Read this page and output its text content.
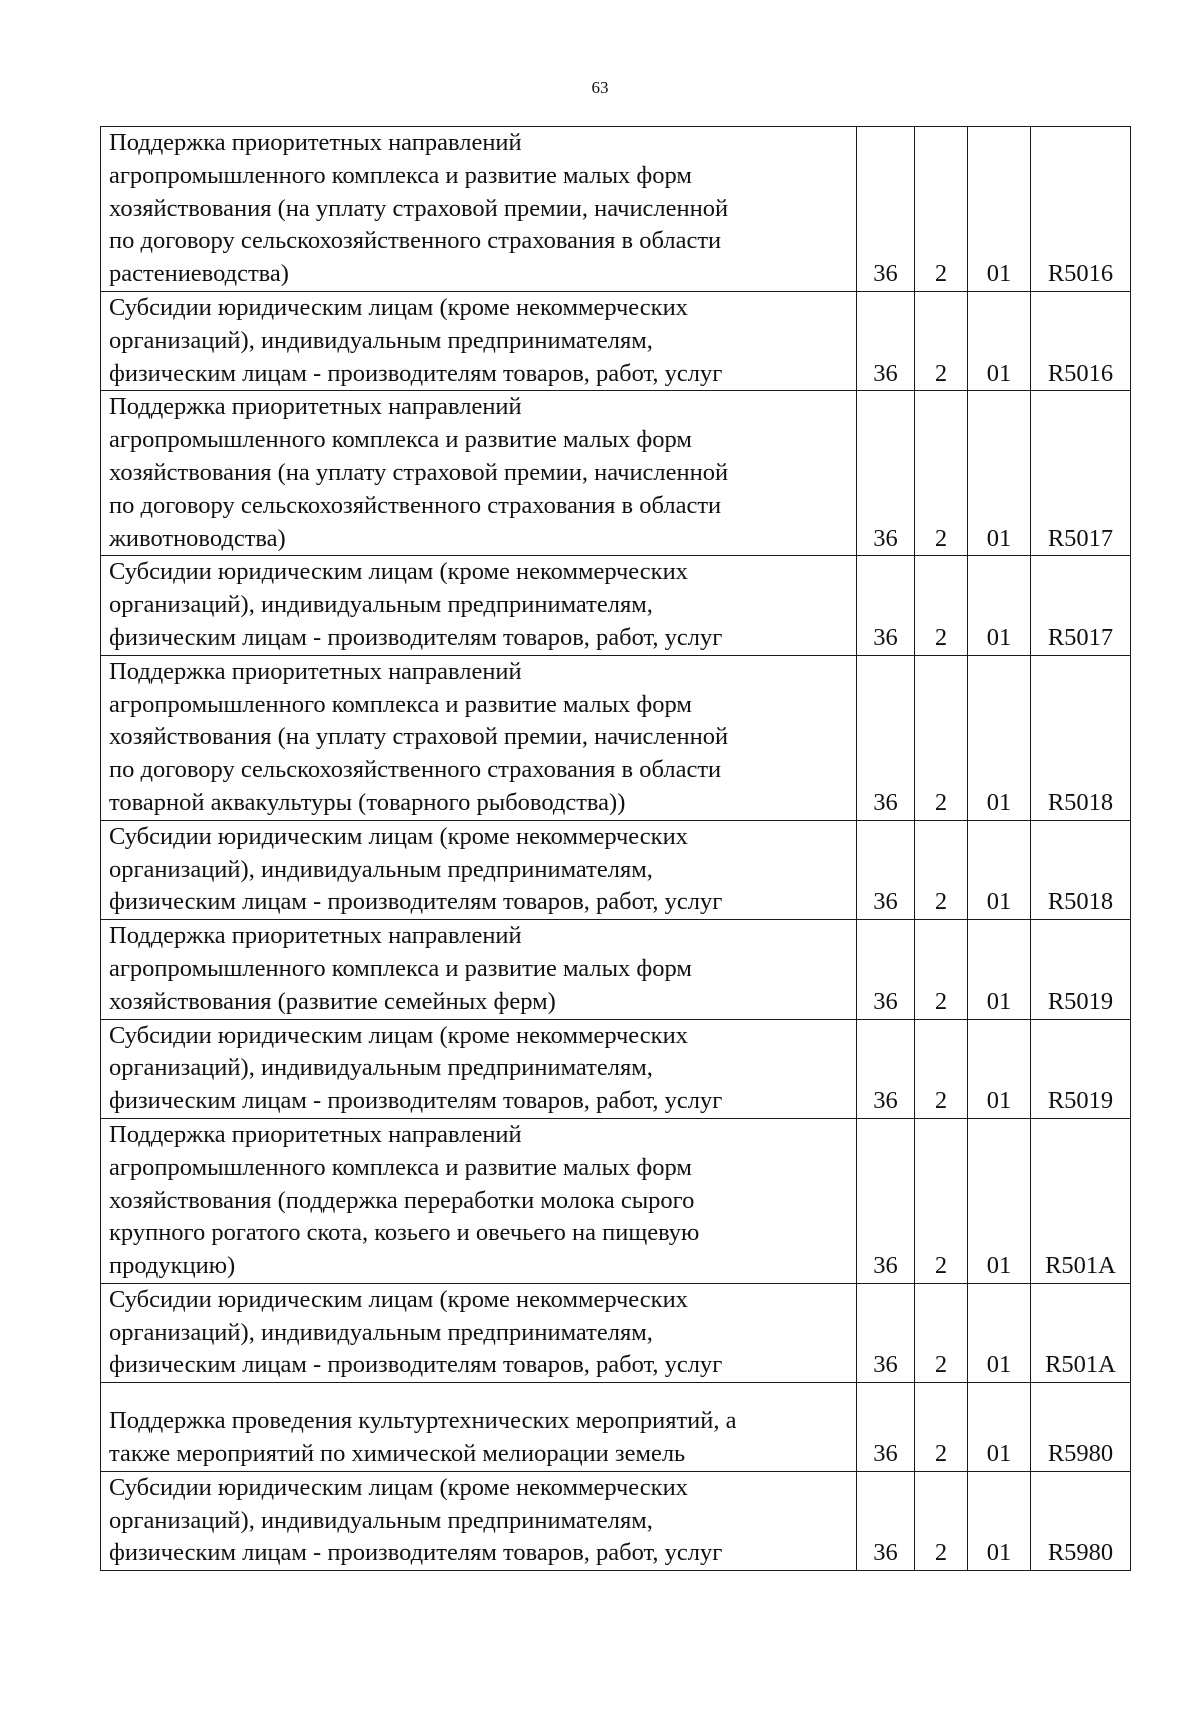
63
Поддержка приоритетных направлений
агропромышленного комплекса и развитие малых форм
хозяйствования (на уплату страховой премии, начисленной
по договору сельскохозяйственного страхования в области
растениеводства)	36	2	01	R5016
Субсидии юридическим лицам (кроме некоммерческих
организаций), индивидуальным предпринимателям,
физическим лицам - производителям товаров, работ, услуг	36	2	01	R5016
Поддержка приоритетных направлений
агропромышленного комплекса и развитие малых форм
хозяйствования (на уплату страховой премии, начисленной
по договору сельскохозяйственного страхования в области
животноводства)	36	2	01	R5017
Субсидии юридическим лицам (кроме некоммерческих
организаций), индивидуальным предпринимателям,
физическим лицам - производителям товаров, работ, услуг	36	2	01	R5017
Поддержка приоритетных направлений
агропромышленного комплекса и развитие малых форм
хозяйствования (на уплату страховой премии, начисленной
по договору сельскохозяйственного страхования в области
товарной аквакультуры (товарного рыбоводства))	36	2	01	R5018
Субсидии юридическим лицам (кроме некоммерческих
организаций), индивидуальным предпринимателям,
физическим лицам - производителям товаров, работ, услуг	36	2	01	R5018
Поддержка приоритетных направлений
агропромышленного комплекса и развитие малых форм
хозяйствования (развитие семейных ферм)	36	2	01	R5019
Субсидии юридическим лицам (кроме некоммерческих
организаций), индивидуальным предпринимателям,
физическим лицам - производителям товаров, работ, услуг	36	2	01	R5019
Поддержка приоритетных направлений
агропромышленного комплекса и развитие малых форм
хозяйствования (поддержка переработки молока сырого
крупного рогатого скота, козьего и овечьего на пищевую
продукцию)	36	2	01	R501A
Субсидии юридическим лицам (кроме некоммерческих
организаций), индивидуальным предпринимателям,
физическим лицам - производителям товаров, работ, услуг	36	2	01	R501A
Поддержка проведения культуртехнических мероприятий, а
также мероприятий по химической мелиорации земель	36	2	01	R5980
Субсидии юридическим лицам (кроме некоммерческих
организаций), индивидуальным предпринимателям,
физическим лицам - производителям товаров, работ, услуг	36	2	01	R5980
